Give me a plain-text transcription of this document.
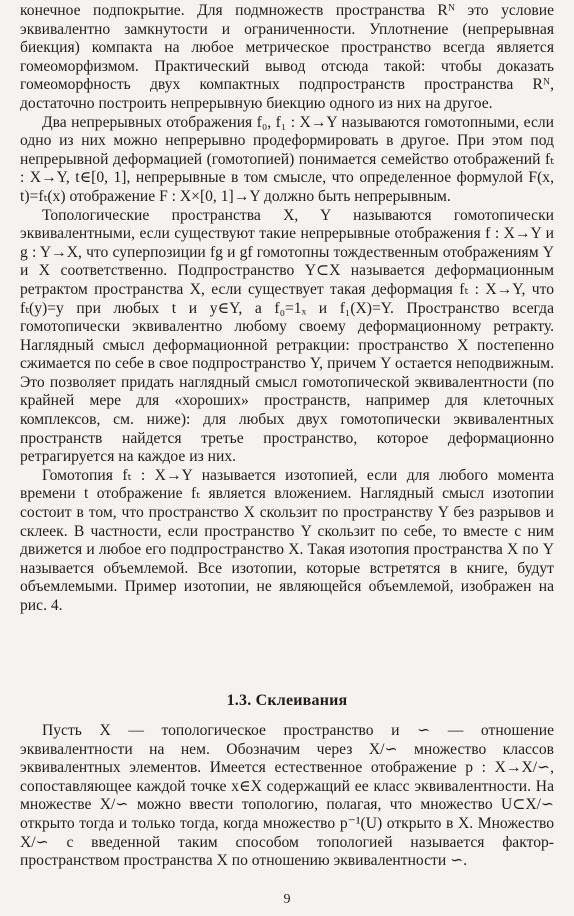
конечное подпокрытие. Для подмножеств пространства Rᴺ это условие эквивалентно замкнутости и ограниченности. Уплотнение (непрерывная биекция) компакта на любое метрическое пространство всегда является гомеоморфизмом. Практический вывод отсюда такой: чтобы доказать гомеоморфность двух компактных подпространств пространства Rᴺ, достаточно построить непрерывную биекцию одного из них на другое.

Два непрерывных отображения f₀, f₁ : X→Y называются гомотопными, если одно из них можно непрерывно продеформировать в другое. При этом под непрерывной деформацией (гомотопией) понимается семейство отображений fₜ : X→Y, t∈[0, 1], непрерывные в том смысле, что определенное формулой F(x, t)=fₜ(x) отображение F : X×[0, 1]→Y должно быть непрерывным.

Топологические пространства X, Y называются гомотопически эквивалентными, если существуют такие непрерывные отображения f : X→Y и g : Y→X, что суперпозиции fg и gf гомотопны тождественным отображениям Y и X соответственно. Подпространство Y⊂X называется деформационным ретрактом пространства X, если существует такая деформация fₜ : X→Y, что fₜ(y)=y при любых t и y∈Y, а f₀=1ₓ и f₁(X)=Y. Пространство всегда гомотопически эквивалентно любому своему деформационному ретракту. Наглядный смысл деформационной ретракции: пространство X постепенно сжимается по себе в свое подпространство Y, причем Y остается неподвижным. Это позволяет придать наглядный смысл гомотопической эквивалентности (по крайней мере для «хороших» пространств, например для клеточных комплексов, см. ниже): для любых двух гомотопически эквивалентных пространств найдется третье пространство, которое деформационно ретрагируется на каждое из них.

Гомотопия fₜ : X→Y называется изотопией, если для любого момента времени t отображение fₜ является вложением. Наглядный смысл изотопии состоит в том, что пространство X скользит по пространству Y без разрывов и склеек. В частности, если пространство Y скользит по себе, то вместе с ним движется и любое его подпространство X. Такая изотопия пространства X по Y называется объемлемой. Все изотопии, которые встретятся в книге, будут объемлемыми. Пример изотопии, не являющейся объемлемой, изображен на рис. 4.

1.3. Склеивания

Пусть X — топологическое пространство и ∽ — отношение эквивалентности на нем. Обозначим через X/∽ множество классов эквивалентных элементов. Имеется естественное отображение p : X→X/∽, сопоставляющее каждой точке x∈X содержащий ее класс эквивалентности. На множестве X/∽ можно ввести топологию, полагая, что множество U⊂X/∽ открыто тогда и только тогда, когда множество p⁻¹(U) открыто в X. Множество X/∽ с введенной таким способом топологией называется фактор-пространством пространства X по отношению эквивалентности ∽.

9
